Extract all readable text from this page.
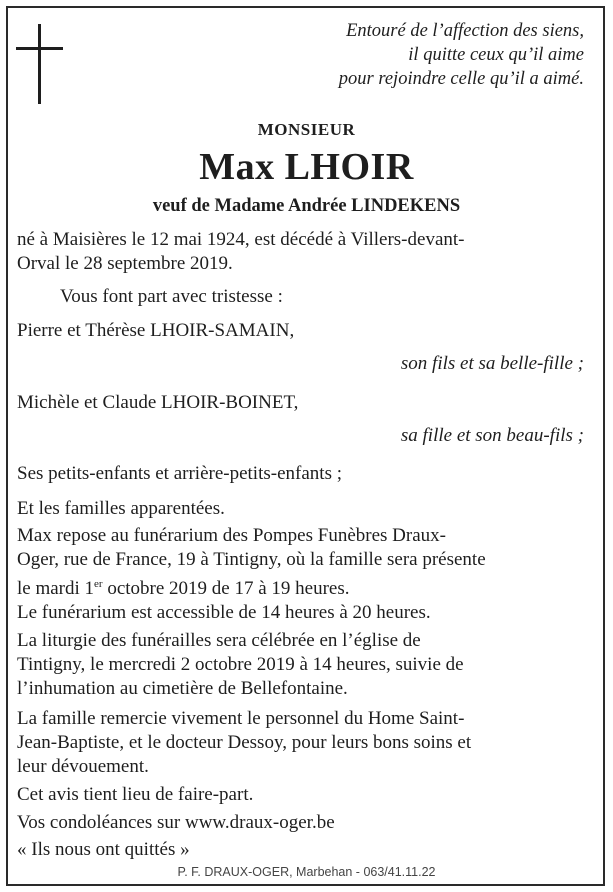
Entouré de l’affection des siens,
il quitte ceux qu’il aime
pour rejoindre celle qu’il a aimé.
MONSIEUR
Max LHOIR
veuf de Madame Andrée LINDEKENS
né à Maisières le 12 mai 1924, est décédé à Villers-devant-
Orval le 28 septembre 2019.
Vous font part avec tristesse :
Pierre et Thérèse LHOIR-SAMAIN,
son fils et sa belle-fille ;
Michèle et Claude LHOIR-BOINET,
sa fille et son beau-fils ;
Ses petits-enfants et arrière-petits-enfants ;
Et les familles apparentées.
Max repose au funérarium des Pompes Funèbres Draux-
Oger, rue de France, 19 à Tintigny, où la famille sera présente
le mardi 1er octobre 2019 de 17 à 19 heures.
Le funérarium est accessible de 14 heures à 20 heures.
La liturgie des funérailles sera célébrée en l’église de
Tintigny, le mercredi 2 octobre 2019 à 14 heures, suivie de
l’inhumation au cimetière de Bellefontaine.
La famille remercie vivement le personnel du Home Saint-
Jean-Baptiste, et le docteur Dessoy, pour leurs bons soins et
leur dévouement.
Cet avis tient lieu de faire-part.
Vos condoléances sur www.draux-oger.be
« Ils nous ont quittés »
P. F. DRAUX-OGER, Marbehan - 063/41.11.22
